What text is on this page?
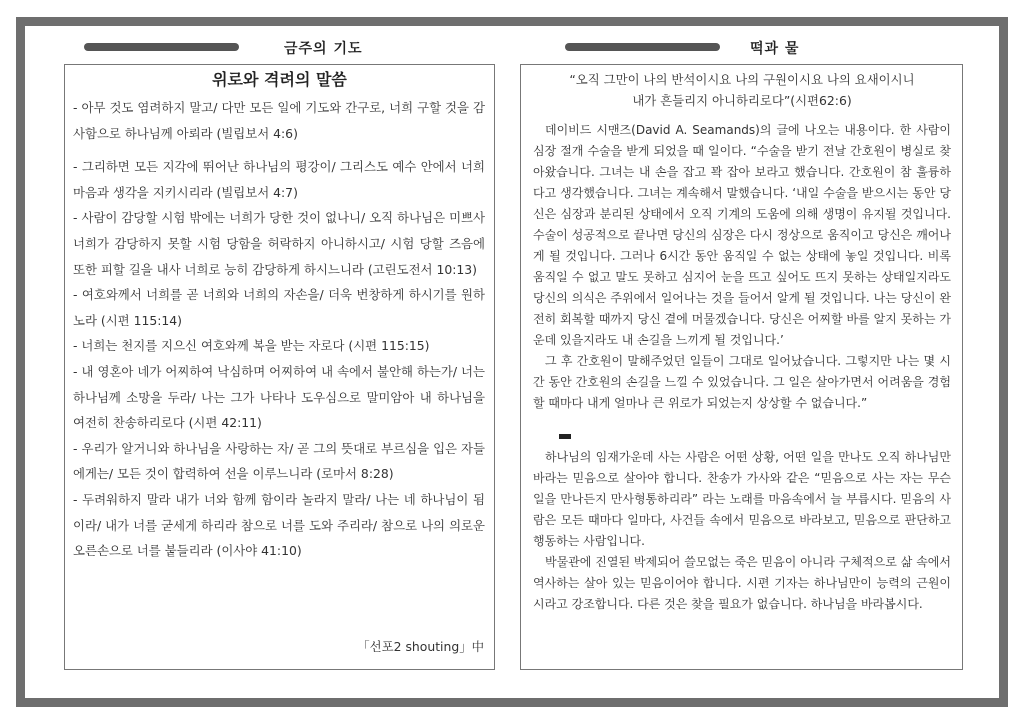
금주의 기도	떡과 물
위로와 격려의 말씀
- 아무 것도 염려하지 말고/ 다만 모든 일에 기도와 간구로, 너희 구할 것을 감사함으로 하나님께 아뢰라 (빌립보서 4:6)
- 그리하면 모든 지각에 뛰어난 하나님의 평강이/ 그리스도 예수 안에서 너희 마음과 생각을 지키시리라 (빌립보서 4:7)
- 사람이 감당할 시험 밖에는 너희가 당한 것이 없나니/ 오직 하나님은 미쁘사 너희가 감당하지 못할 시험 당함을 허락하지 아니하시고/ 시험 당할 즈음에 또한 피할 길을 내사 너희로 능히 감당하게 하시느니라 (고린도전서 10:13)
- 여호와께서 너희를 곧 너희와 너희의 자손을/ 더욱 번창하게 하시기를 원하노라 (시편 115:14)
- 너희는 천지를 지으신 여호와께 복을 받는 자로다 (시편 115:15)
- 내 영혼아 네가 어찌하여 낙심하며 어찌하여 내 속에서 불안해 하는가/ 너는 하나님께 소망을 두라/ 나는 그가 나타나 도우심으로 말미암아 내 하나님을 여전히 찬송하리로다 (시편 42:11)
- 우리가 알거니와 하나님을 사랑하는 자/ 곧 그의 뜻대로 부르심을 입은 자들에게는/ 모든 것이 합력하여 선을 이루느니라 (로마서 8:28)
- 두려워하지 말라 내가 너와 함께 함이라 놀라지 말라/ 나는 네 하나님이 됨이라/ 내가 너를 굳세게 하리라 참으로 너를 도와 주리라/ 참으로 나의 의로운 오른손으로 너를 붙들리라 (이사야 41:10)
「선포2 shouting」中
“오직 그만이 나의 반석이시요 나의 구원이시요 나의 요새이시니
내가 흔들리지 아니하리로다”(시편62:6)

데이비드 시맨즈(David A. Seamands)의 글에 나오는 내용이다. 한 사람이 심장 절개 수술을 받게 되었을 때 일이다. “수술을 받기 전날 간호원이 병실로 찾아왔습니다. 그녀는 내 손을 잡고 꽉 잡아 보라고 했습니다. 간호원이 참 훌륭하다고 생각했습니다. 그녀는 계속해서 말했습니다. ‘내일 수술을 받으시는 동안 당신은 심장과 분리된 상태에서 오직 기계의 도움에 의해 생명이 유지될 것입니다. 수술이 성공적으로 끝나면 당신의 심장은 다시 정상으로 움직이고 당신은 깨어나게 될 것입니다. 그러나 6시간 동안 움직일 수 없는 상태에 놓일 것입니다. 비록 움직일 수 없고 말도 못하고 심지어 눈을 뜨고 싶어도 뜨지 못하는 상태일지라도 당신의 의식은 주위에서 일어나는 것을 들어서 알게 될 것입니다. 나는 당신이 완전히 회복할 때까지 당신 곁에 머물겠습니다. 당신은 어찌할 바를 알지 못하는 가운데 있을지라도 내 손길을 느끼게 될 것입니다.’

그 후 간호원이 말해주었던 일들이 그대로 일어났습니다. 그렇지만 나는 몇 시간 동안 간호원의 손길을 느낄 수 있었습니다. 그 일은 살아가면서 어려움을 경험할 때마다 내게 얼마나 큰 위로가 되었는지 상상할 수 없습니다.”

하나님의 임재가운데 사는 사람은 어떤 상황, 어떤 일을 만나도 오직 하나님만 바라는 믿음으로 살아야 합니다. 찬송가 가사와 같은 “믿음으로 사는 자는 무슨 일을 만나든지 만사형통하리라” 라는 노래를 마음속에서 늘 부릅시다. 믿음의 사람은 모든 때마다 일마다, 사건들 속에서 믿음으로 바라보고, 믿음으로 판단하고 행동하는 사람입니다.

박물관에 진열된 박제되어 쓸모없는 죽은 믿음이 아니라 구체적으로 삶 속에서 역사하는 살아 있는 믿음이어야 합니다. 시편 기자는 하나님만이 능력의 근원이시라고 강조합니다. 다른 것은 찾을 필요가 없습니다. 하나님을 바라봅시다.
